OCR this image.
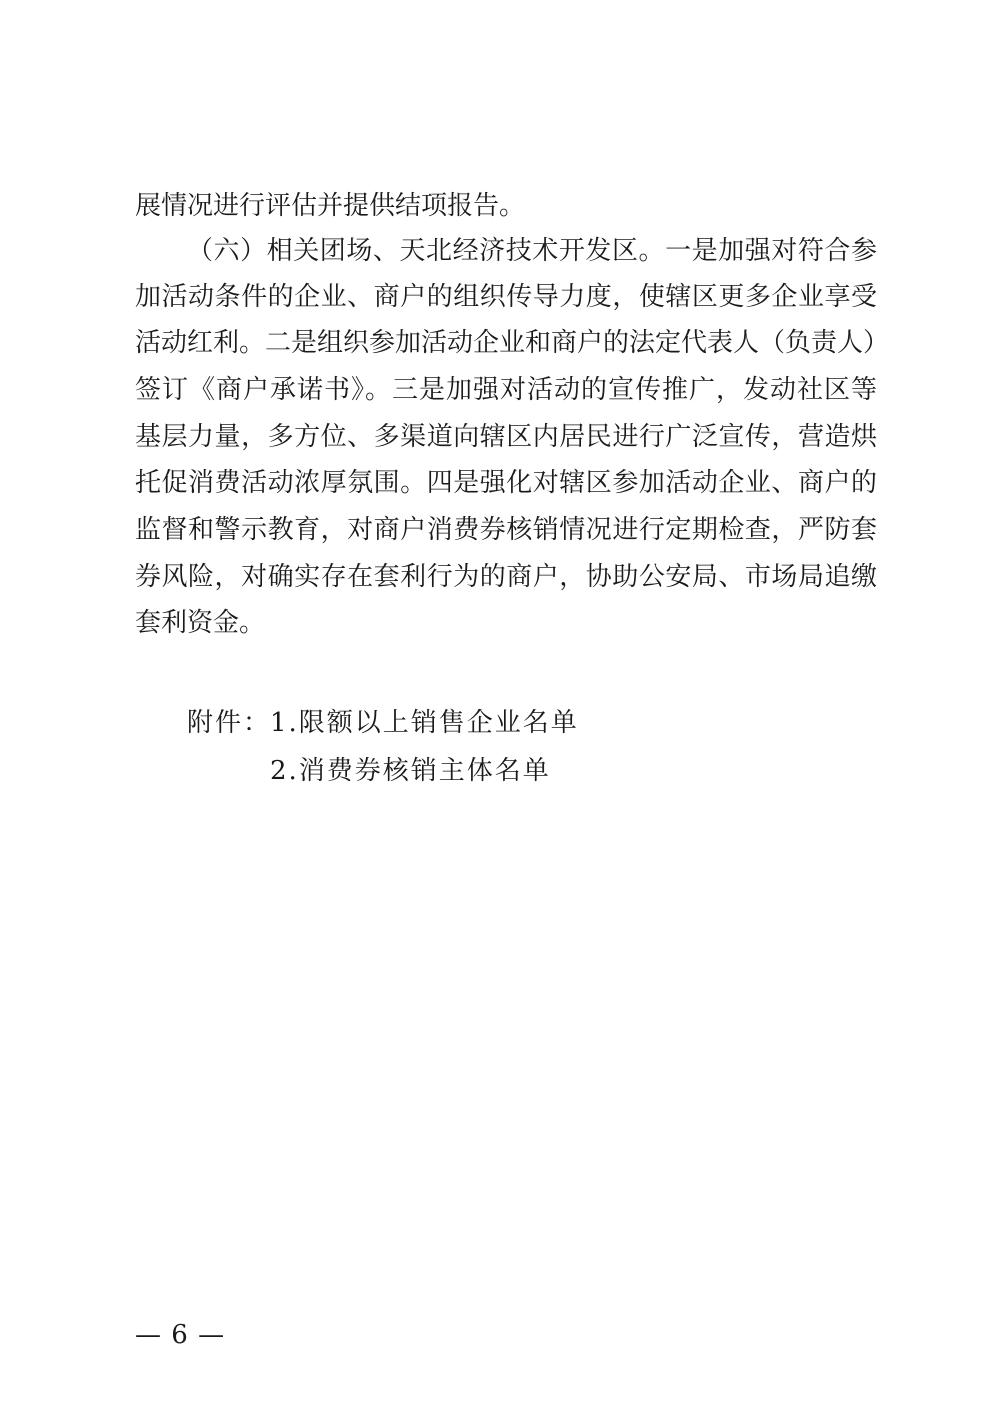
展情况进行评估并提供结项报告。
（六）相关团场、天北经济技术开发区。一是加强对符合参
加活动条件的企业、商户的组织传导力度，使辖区更多企业享受
活动红利。二是组织参加活动企业和商户的法定代表人（负责人）
签订《商户承诺书》。三是加强对活动的宣传推广，发动社区等
基层力量，多方位、多渠道向辖区内居民进行广泛宣传，营造烘
托促消费活动浓厚氛围。四是强化对辖区参加活动企业、商户的
监督和警示教育，对商户消费券核销情况进行定期检查，严防套
券风险，对确实存在套利行为的商户，协助公安局、市场局追缴
套利资金。
附件：
1.限额以上销售企业名单
2.消费券核销主体名单
— 6 —
